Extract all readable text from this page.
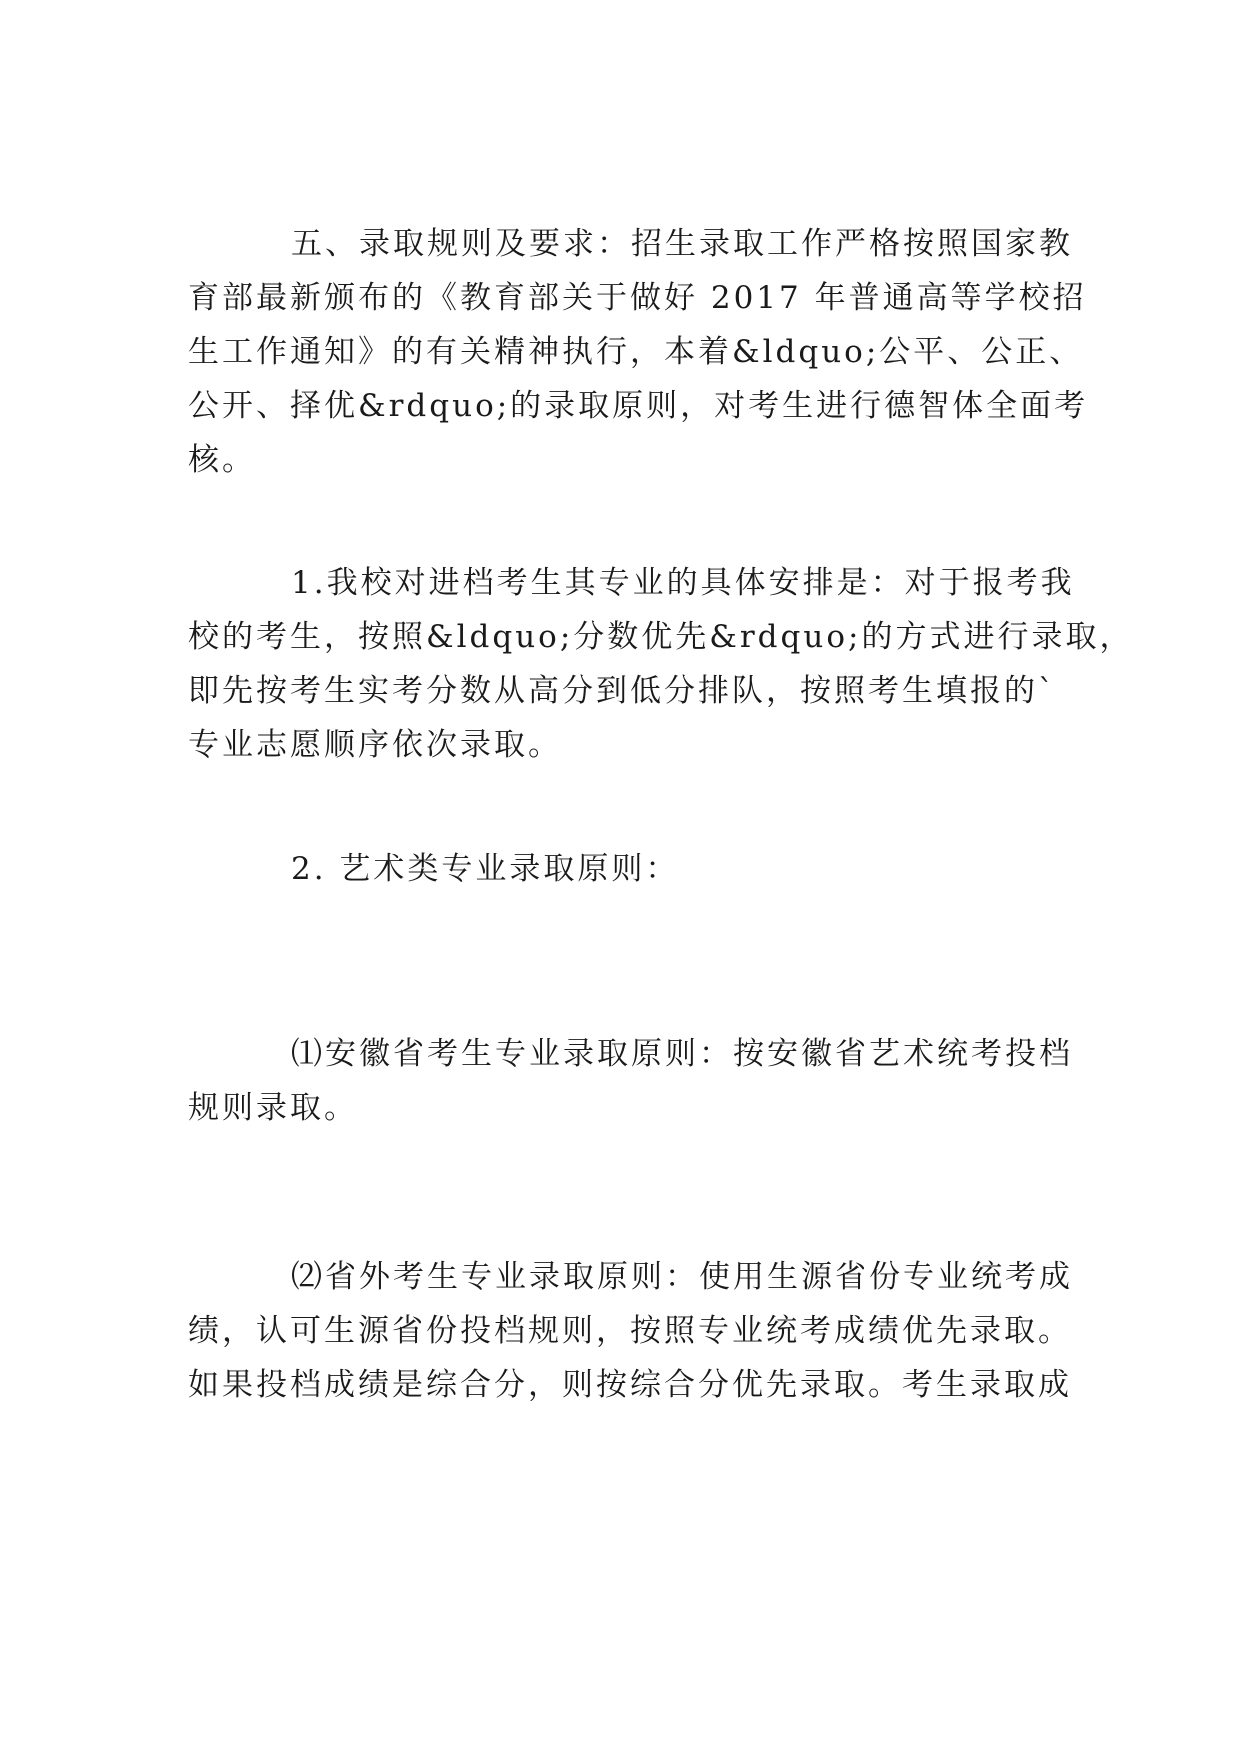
五、录取规则及要求：招生录取工作严格按照国家教
育部最新颁布的《教育部关于做好 2017 年普通高等学校招
生工作通知》的有关精神执行，本着&ldquo;公平、公正、
公开、择优&rdquo;的录取原则，对考生进行德智体全面考
核。
1.我校对进档考生其专业的具体安排是：对于报考我
校的考生，按照&ldquo;分数优先&rdquo;的方式进行录取，
即先按考生实考分数从高分到低分排队，按照考生填报的`
专业志愿顺序依次录取。
2. 艺术类专业录取原则：
⑴安徽省考生专业录取原则：按安徽省艺术统考投档
规则录取。
⑵省外考生专业录取原则：使用生源省份专业统考成
绩，认可生源省份投档规则，按照专业统考成绩优先录取。
如果投档成绩是综合分，则按综合分优先录取。考生录取成
